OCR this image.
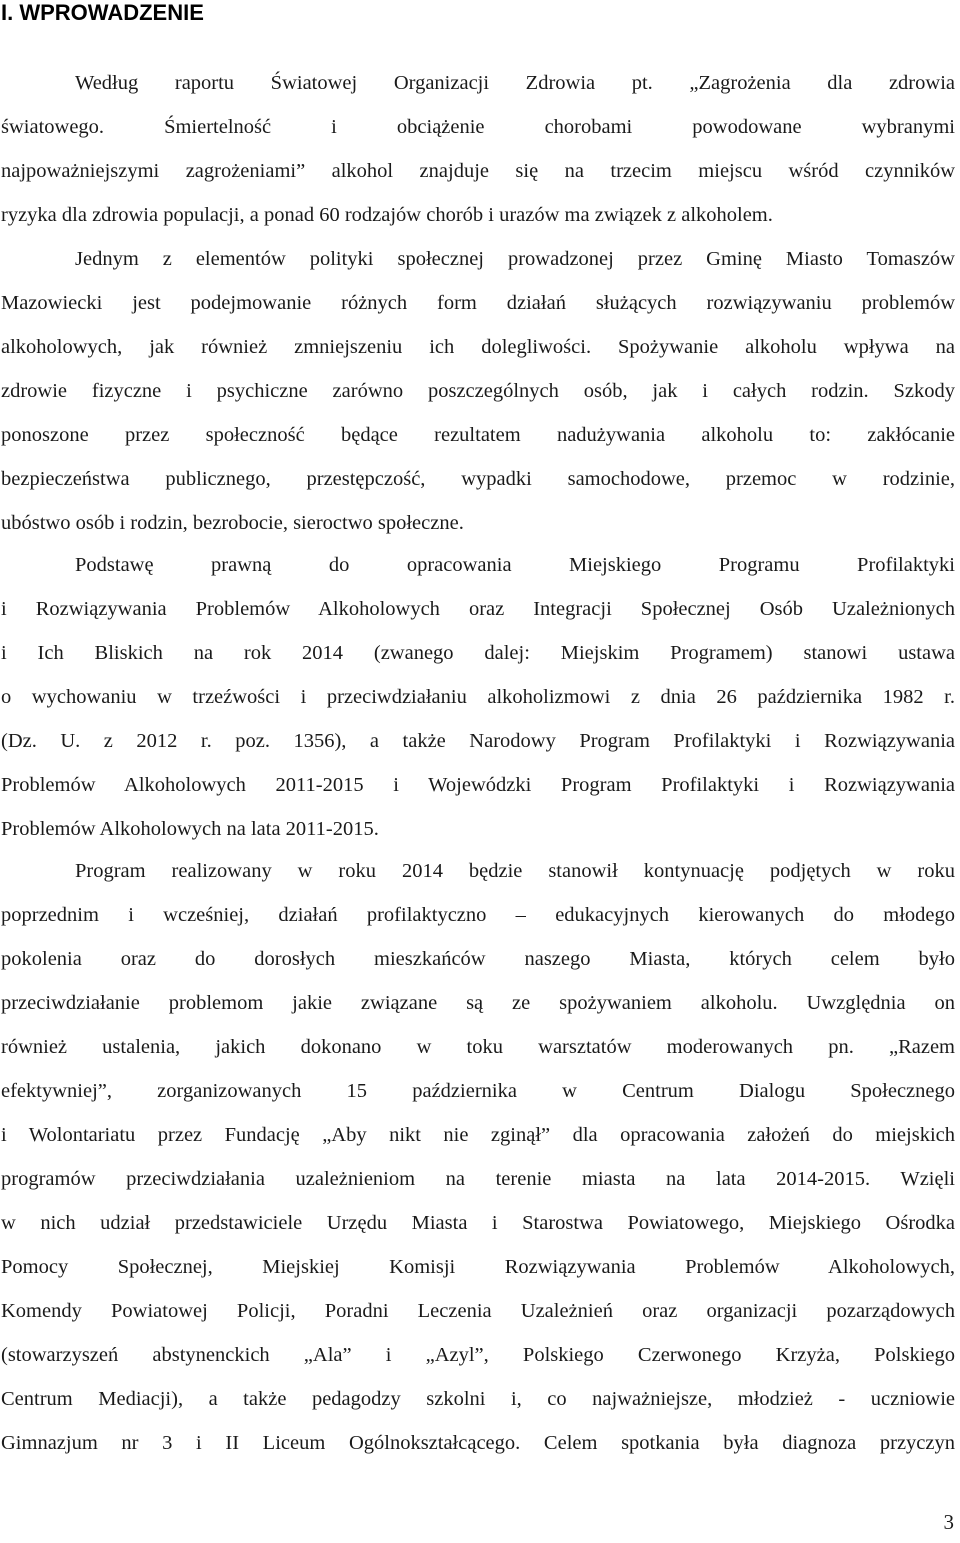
I. WPROWADZENIE
Według raportu Światowej Organizacji Zdrowia pt. „Zagrożenia dla zdrowia
światowego. Śmiertelność i obciążenie chorobami powodowane wybranymi
najpoważniejszymi zagrożeniami” alkohol znajduje się na trzecim miejscu wśród czynników
ryzyka dla zdrowia populacji, a ponad 60 rodzajów chorób i urazów ma związek z alkoholem.
Jednym z elementów polityki społecznej prowadzonej przez Gminę Miasto Tomaszów
Mazowiecki jest podejmowanie różnych form działań służących rozwiązywaniu problemów
alkoholowych, jak również zmniejszeniu ich dolegliwości. Spożywanie alkoholu wpływa na
zdrowie fizyczne i psychiczne zarówno poszczególnych osób, jak i całych rodzin. Szkody
ponoszone przez społeczność będące rezultatem nadużywania alkoholu to: zakłócanie
bezpieczeństwa publicznego, przestępczość, wypadki samochodowe, przemoc w rodzinie,
ubóstwo osób i rodzin, bezrobocie, sieroctwo społeczne.
Podstawę prawną do opracowania Miejskiego Programu Profilaktyki
i Rozwiązywania Problemów Alkoholowych oraz Integracji Społecznej Osób Uzależnionych
i Ich Bliskich na rok 2014 (zwanego dalej: Miejskim Programem) stanowi ustawa
o wychowaniu w trzeźwości i przeciwdziałaniu alkoholizmowi z dnia 26 października 1982 r.
(Dz. U. z 2012 r. poz. 1356), a także Narodowy Program Profilaktyki i Rozwiązywania
Problemów Alkoholowych 2011-2015 i Wojewódzki Program Profilaktyki i Rozwiązywania
Problemów Alkoholowych na lata 2011-2015.
Program realizowany w roku 2014 będzie stanowił kontynuację podjętych w roku
poprzednim i wcześniej, działań profilaktyczno – edukacyjnych kierowanych do młodego
pokolenia oraz do dorosłych mieszkańców naszego Miasta, których celem było
przeciwdziałanie problemom jakie związane są ze spożywaniem alkoholu. Uwzględnia on
również ustalenia, jakich dokonano w toku warsztatów moderowanych pn. „Razem
efektywniej”, zorganizowanych 15 października w Centrum Dialogu Społecznego
i Wolontariatu przez Fundację „Aby nikt nie zginął” dla opracowania założeń do miejskich
programów przeciwdziałania uzależnieniom na terenie miasta na lata 2014-2015. Wzięli
w nich udział przedstawiciele Urzędu Miasta i Starostwa Powiatowego, Miejskiego Ośrodka
Pomocy Społecznej, Miejskiej Komisji Rozwiązywania Problemów Alkoholowych,
Komendy Powiatowej Policji, Poradni Leczenia Uzależnień oraz organizacji pozarządowych
(stowarzyszeń abstynenckich „Ala” i „Azyl”, Polskiego Czerwonego Krzyża, Polskiego
Centrum Mediacji), a także pedagodzy szkolni i, co najważniejsze, młodzież - uczniowie
Gimnazjum nr 3 i II Liceum Ogólnokształcącego. Celem spotkania była diagnoza przyczyn
3
